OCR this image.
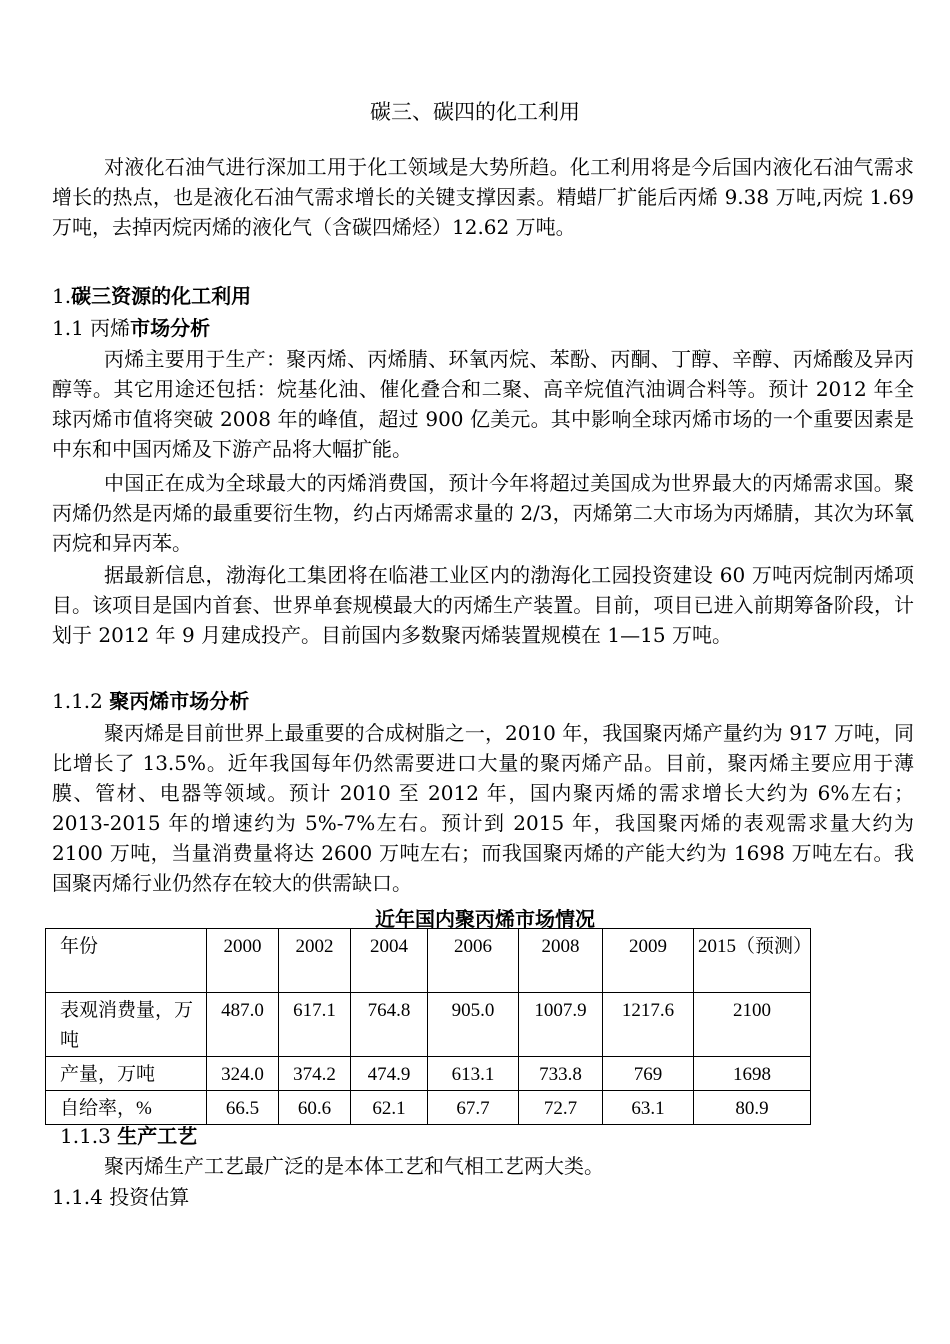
碳三、碳四的化工利用

对液化石油气进行深加工用于化工领域是大势所趋。化工利用将是今后国内液化石油气需求增长的热点，也是液化石油气需求增长的关键支撑因素。精蜡厂扩能后丙烯 9.38 万吨,丙烷 1.69 万吨，去掉丙烷丙烯的液化气（含碳四烯烃）12.62 万吨。

1.碳三资源的化工利用

1.1 丙烯市场分析

丙烯主要用于生产：聚丙烯、丙烯腈、环氧丙烷、苯酚、丙酮、丁醇、辛醇、丙烯酸及异丙醇等。其它用途还包括：烷基化油、催化叠合和二聚、高辛烷值汽油调合料等。预计 2012 年全球丙烯市值将突破 2008 年的峰值，超过 900 亿美元。其中影响全球丙烯市场的一个重要因素是中东和中国丙烯及下游产品将大幅扩能。

中国正在成为全球最大的丙烯消费国，预计今年将超过美国成为世界最大的丙烯需求国。聚丙烯仍然是丙烯的最重要衍生物，约占丙烯需求量的 2/3，丙烯第二大市场为丙烯腈，其次为环氧丙烷和异丙苯。

据最新信息，渤海化工集团将在临港工业区内的渤海化工园投资建设 60 万吨丙烷制丙烯项目。该项目是国内首套、世界单套规模最大的丙烯生产装置。目前，项目已进入前期筹备阶段，计划于 2012 年 9 月建成投产。目前国内多数聚丙烯装置规模在 1—15 万吨。

1.1.2 聚丙烯市场分析

聚丙烯是目前世界上最重要的合成树脂之一，2010 年，我国聚丙烯产量约为 917 万吨，同比增长了 13.5%。近年我国每年仍然需要进口大量的聚丙烯产品。目前，聚丙烯主要应用于薄膜、管材、电器等领域。预计 2010 至 2012 年，国内聚丙烯的需求增长大约为 6%左右；2013-2015 年的增速约为 5%-7%左右。预计到 2015 年，我国聚丙烯的表观需求量大约为 2100 万吨，当量消费量将达 2600 万吨左右；而我国聚丙烯的产能大约为 1698 万吨左右。我国聚丙烯行业仍然存在较大的供需缺口。

近年国内聚丙烯市场情况
年份	2000	2002	2004	2006	2008	2009	2015（预测）
表观消费量，万吨	487.0	617.1	764.8	905.0	1007.9	1217.6	2100
产量，万吨	324.0	374.2	474.9	613.1	733.8	769	1698
自给率，%	66.5	60.6	62.1	67.7	72.7	63.1	80.9

1.1.3 生产工艺

聚丙烯生产工艺最广泛的是本体工艺和气相工艺两大类。

1.1.4 投资估算
